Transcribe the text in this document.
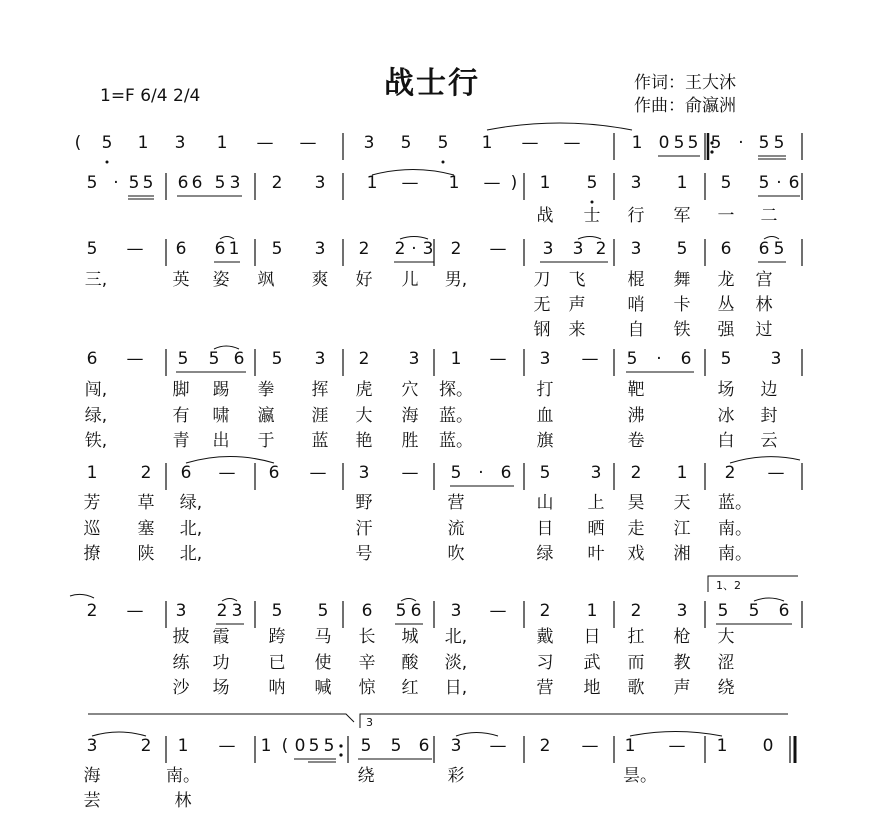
战士行
1=F 6/4 2/4
作词：王大沐
作曲：俞瀛洲
1、2
3
( 5 1 3 1 — —	3 5 5 1 — —	1 0 5 5 5 · 5 5
5 · 5 5 6 6 5 3 2 3 1 — 1 — ) 1 5 3 1 5 5 · 6
5 — 6 6 1 5 3 2 2 · 3 2 — 3 3 2 3 5 6 6 5
6 — 5 5 6 5 3 2 3 1 — 3 — 5 · 6 5 3
1	2 6 — 6 — 3 — 5 · 6 5 3 2 1 2 —
2 — 3 2 3 5 5 6 5 6 3 — 2 1 2 3 5 5 6
3	2 1 — 1 ( 0 5 5 5 5 6 3 — 2 — 1 — 1 0
战 士 行 军 一 二
三,	英 姿 飒 爽 好 儿 男,	刀 飞 棍 舞 龙 宫
无 声 哨 卡 丛 林
钢 来 自 铁 强 过
闯,	脚 踢 拳 挥 虎 穴 探。	打	靶	场 边
绿,	有 啸 瀛 涯 大 海 蓝。	血	沸	冰 封
铁,	青 出 于 蓝 艳 胜 蓝。	旗	卷	白 云
芳 草 绿,	野	营	山 上 昊 天 蓝。
巡 塞 北,	汗	流	日 晒 走 江 南。
撩 陕 北,	号	吹	绿 叶 戏 湘 南。
披 霞 跨 马 长 城 北,	戴 日 扛 枪 大
练 功 已 使 辛 酸 淡,	习 武 而 教 涩
沙 场 呐 喊 惊 红 日,	营 地 歌 声 绕
海	南。	绕	彩	昙。
芸	林
